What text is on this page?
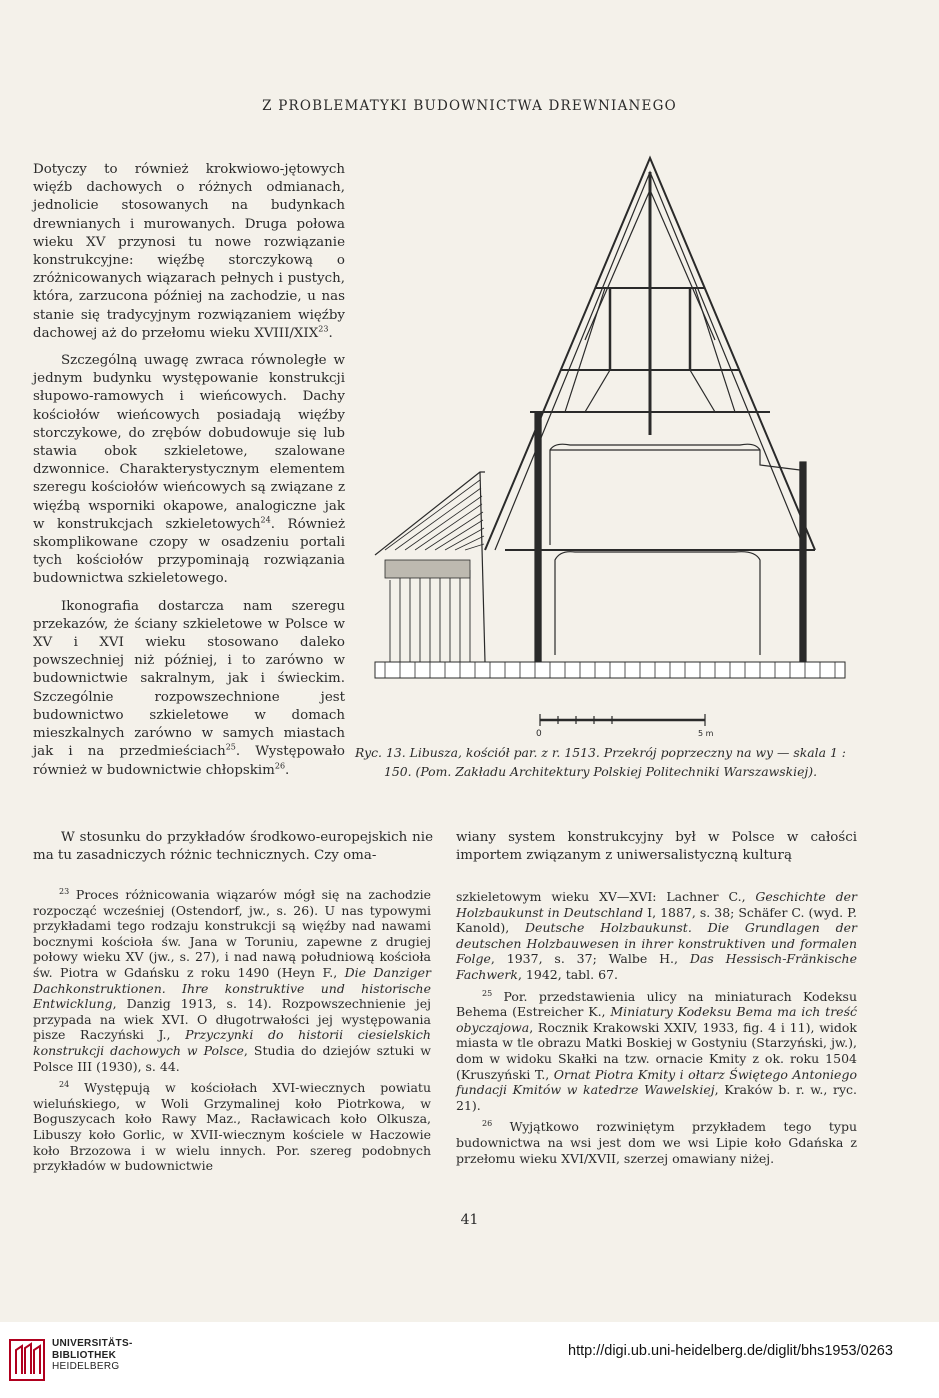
Z PROBLEMATYKI BUDOWNICTWA DREWNIANEGO

Dotyczy to również krokwiowo-jętowych więźb dachowych o różnych odmianach, jednolicie stosowanych na budynkach drewnianych i murowanych. Druga połowa wieku XV przynosi tu nowe rozwiązanie konstrukcyjne: więźbę storczykową o zróżnicowanych wiązarach pełnych i pustych, która, zarzucona później na zachodzie, u nas stanie się tradycyjnym rozwiązaniem więźby dachowej aż do przełomu wieku XVIII/XIX$^{23}$.

Szczególną uwagę zwraca równoległe w jednym budynku występowanie konstrukcji słupowo-ramowych i wieńcowych. Dachy kościołów wieńcowych posiadają więźby storczykowe, do zrębów dobudowuje się lub stawia obok szkieletowe, szalowane dzwonnice. Charakterystycznym elementem szeregu kościołów wieńcowych są związane z więźbą wsporniki okapowe, analogiczne jak w konstrukcjach szkieletowych$^{24}$. Również skomplikowane czopy w osadzeniu portali tych kościołów przypominają rozwiązania budownictwa szkieletowego.

Ikonografia dostarcza nam szeregu przekazów, że ściany szkieletowe w Polsce w XV i XVI wieku stosowano daleko powszechniej niż później, i to zarówno w budownictwie sakralnym, jak i świeckim. Szczególnie rozpowszechnione jest budownictwo szkieletowe w domach mieszkalnych zarówno w samych miastach jak i na przedmieściach$^{25}$. Występowało również w budownictwie chłopskim$^{26}$.

0	5 m
Ryc. 13. Libusza, kościół par. z r. 1513. Przekrój poprzeczny na wy — skala 1 : 150. (Pom. Zakładu Architektury Polskiej Politechniki Warszawskiej).

W stosunku do przykładów środkowo-europejskich nie ma tu zasadniczych różnic technicznych. Czy oma-

wiany system konstrukcyjny był w Polsce w całości importem związanym z uniwersalistyczną kulturą

$^{23}$ Proces różnicowania wiązarów mógł się na zachodzie rozpocząć wcześniej (Ostendorf, jw., s. 26). U nas typowymi przykładami tego rodzaju konstrukcji są więźby nad nawami bocznymi kościoła św. Jana w Toruniu, zapewne z drugiej połowy wieku XV (jw., s. 27), i nad nawą południową kościoła św. Piotra w Gdańsku z roku 1490 (Heyn F., Die Danziger Dachkonstruktionen. Ihre konstruktive und historische Entwicklung, Danzig 1913, s. 14). Rozpowszechnienie jej przypada na wiek XVI. O długotrwałości jej występowania pisze Raczyński J., Przyczynki do historii ciesielskich konstrukcji dachowych w Polsce, Studia do dziejów sztuki w Polsce III (1930), s. 44.

$^{24}$ Występują w kościołach XVI-wiecznych powiatu wieluńskiego, w Woli Grzymalinej koło Piotrkowa, w Boguszycach koło Rawy Maz., Racławicach koło Olkusza, Libuszy koło Gorlic, w XVII-wiecznym kościele w Haczowie koło Brzozowa i w wielu innych. Por. szereg podobnych przykładów w budownictwie

szkieletowym wieku XV—XVI: Lachner C., Geschichte der Holzbaukunst in Deutschland I, 1887, s. 38; Schäfer C. (wyd. P. Kanold), Deutsche Holzbaukunst. Die Grundlagen der deutschen Holzbauwesen in ihrer konstruktiven und formalen Folge, 1937, s. 37; Walbe H., Das Hessisch-Fränkische Fachwerk, 1942, tabl. 67.

$^{25}$ Por. przedstawienia ulicy na miniaturach Kodeksu Behema (Estreicher K., Miniatury Kodeksu Bema ma ich treść obyczajowa, Rocznik Krakowski XXIV, 1933, fig. 4 i 11), widok miasta w tle obrazu Matki Boskiej w Gostyniu (Starzyński, jw.), dom w widoku Skałki na tzw. ornacie Kmity z ok. roku 1504 (Kruszyński T., Ornat Piotra Kmity i ołtarz Świętego Antoniego fundacji Kmitów w katedrze Wawelskiej, Kraków b. r. w., ryc. 21).

$^{26}$ Wyjątkowo rozwiniętym przykładem tego typu budownictwa na wsi jest dom we wsi Lipie koło Gdańska z przełomu wieku XVI/XVII, szerzej omawiany niżej.

41
UNIVERSITÄTS-
BIBLIOTHEK
HEIDELBERG
http://digi.ub.uni-heidelberg.de/diglit/bhs1953/0263
